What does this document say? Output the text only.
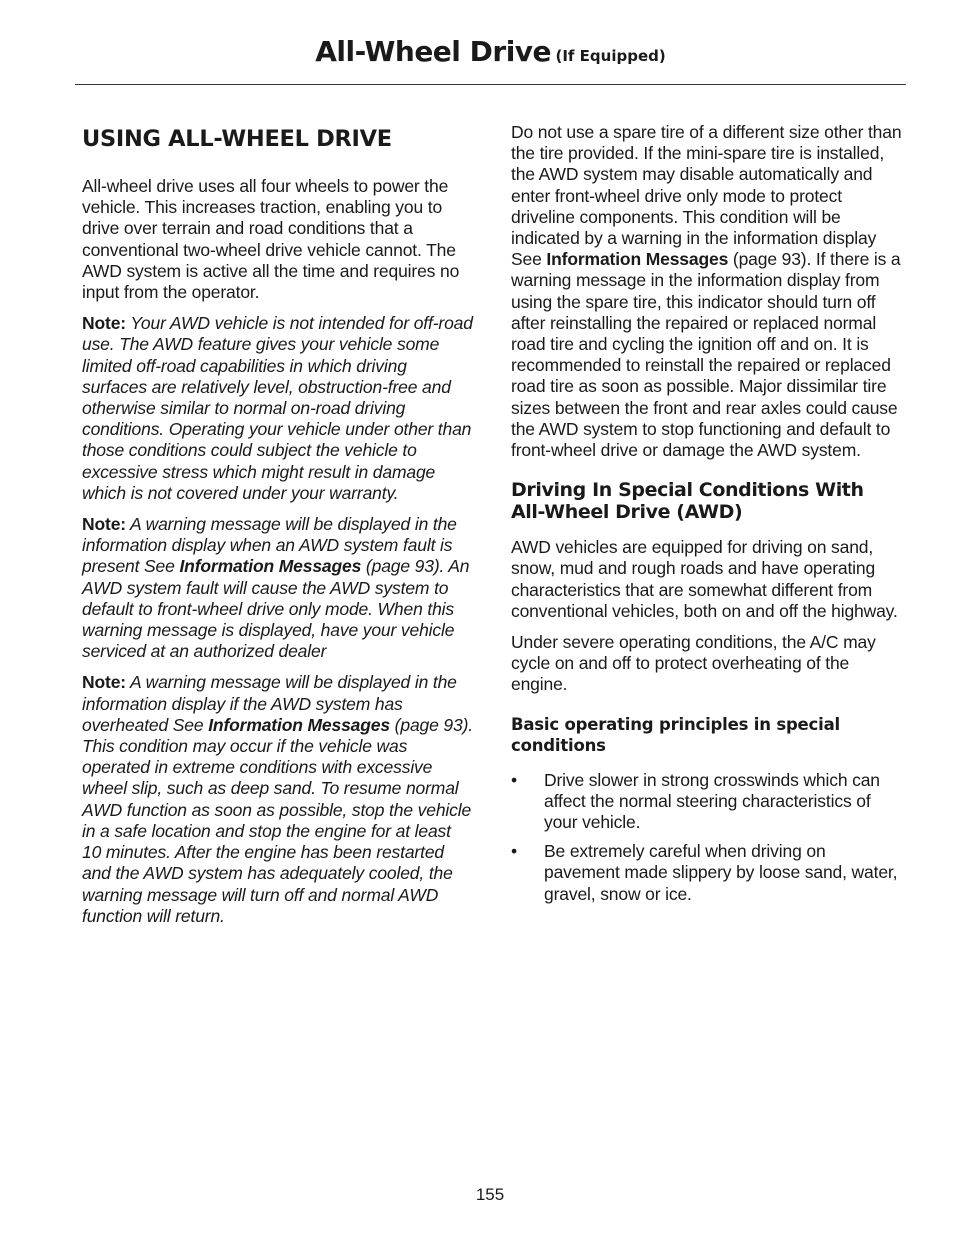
All-Wheel Drive (If Equipped)
USING ALL-WHEEL DRIVE

All-wheel drive uses all four wheels to power the vehicle. This increases traction, enabling you to drive over terrain and road conditions that a conventional two-wheel drive vehicle cannot. The AWD system is active all the time and requires no input from the operator.

Note: Your AWD vehicle is not intended for off-road use. The AWD feature gives your vehicle some limited off-road capabilities in which driving surfaces are relatively level, obstruction-free and otherwise similar to normal on-road driving conditions. Operating your vehicle under other than those conditions could subject the vehicle to excessive stress which might result in damage which is not covered under your warranty.

Note: A warning message will be displayed in the information display when an AWD system fault is present See Information Messages (page 93). An AWD system fault will cause the AWD system to default to front-wheel drive only mode. When this warning message is displayed, have your vehicle serviced at an authorized dealer

Note: A warning message will be displayed in the information display if the AWD system has overheated See Information Messages (page 93). This condition may occur if the vehicle was operated in extreme conditions with excessive wheel slip, such as deep sand. To resume normal AWD function as soon as possible, stop the vehicle in a safe location and stop the engine for at least 10 minutes. After the engine has been restarted and the AWD system has adequately cooled, the warning message will turn off and normal AWD function will return.

Do not use a spare tire of a different size other than the tire provided. If the mini-spare tire is installed, the AWD system may disable automatically and enter front-wheel drive only mode to protect driveline components. This condition will be indicated by a warning in the information display See Information Messages (page 93). If there is a warning message in the information display from using the spare tire, this indicator should turn off after reinstalling the repaired or replaced normal road tire and cycling the ignition off and on. It is recommended to reinstall the repaired or replaced road tire as soon as possible. Major dissimilar tire sizes between the front and rear axles could cause the AWD system to stop functioning and default to front-wheel drive or damage the AWD system.

Driving In Special Conditions With All-Wheel Drive (AWD)

AWD vehicles are equipped for driving on sand, snow, mud and rough roads and have operating characteristics that are somewhat different from conventional vehicles, both on and off the highway.

Under severe operating conditions, the A/C may cycle on and off to protect overheating of the engine.

Basic operating principles in special conditions
• Drive slower in strong crosswinds which can affect the normal steering characteristics of your vehicle.
• Be extremely careful when driving on pavement made slippery by loose sand, water, gravel, snow or ice.
155
